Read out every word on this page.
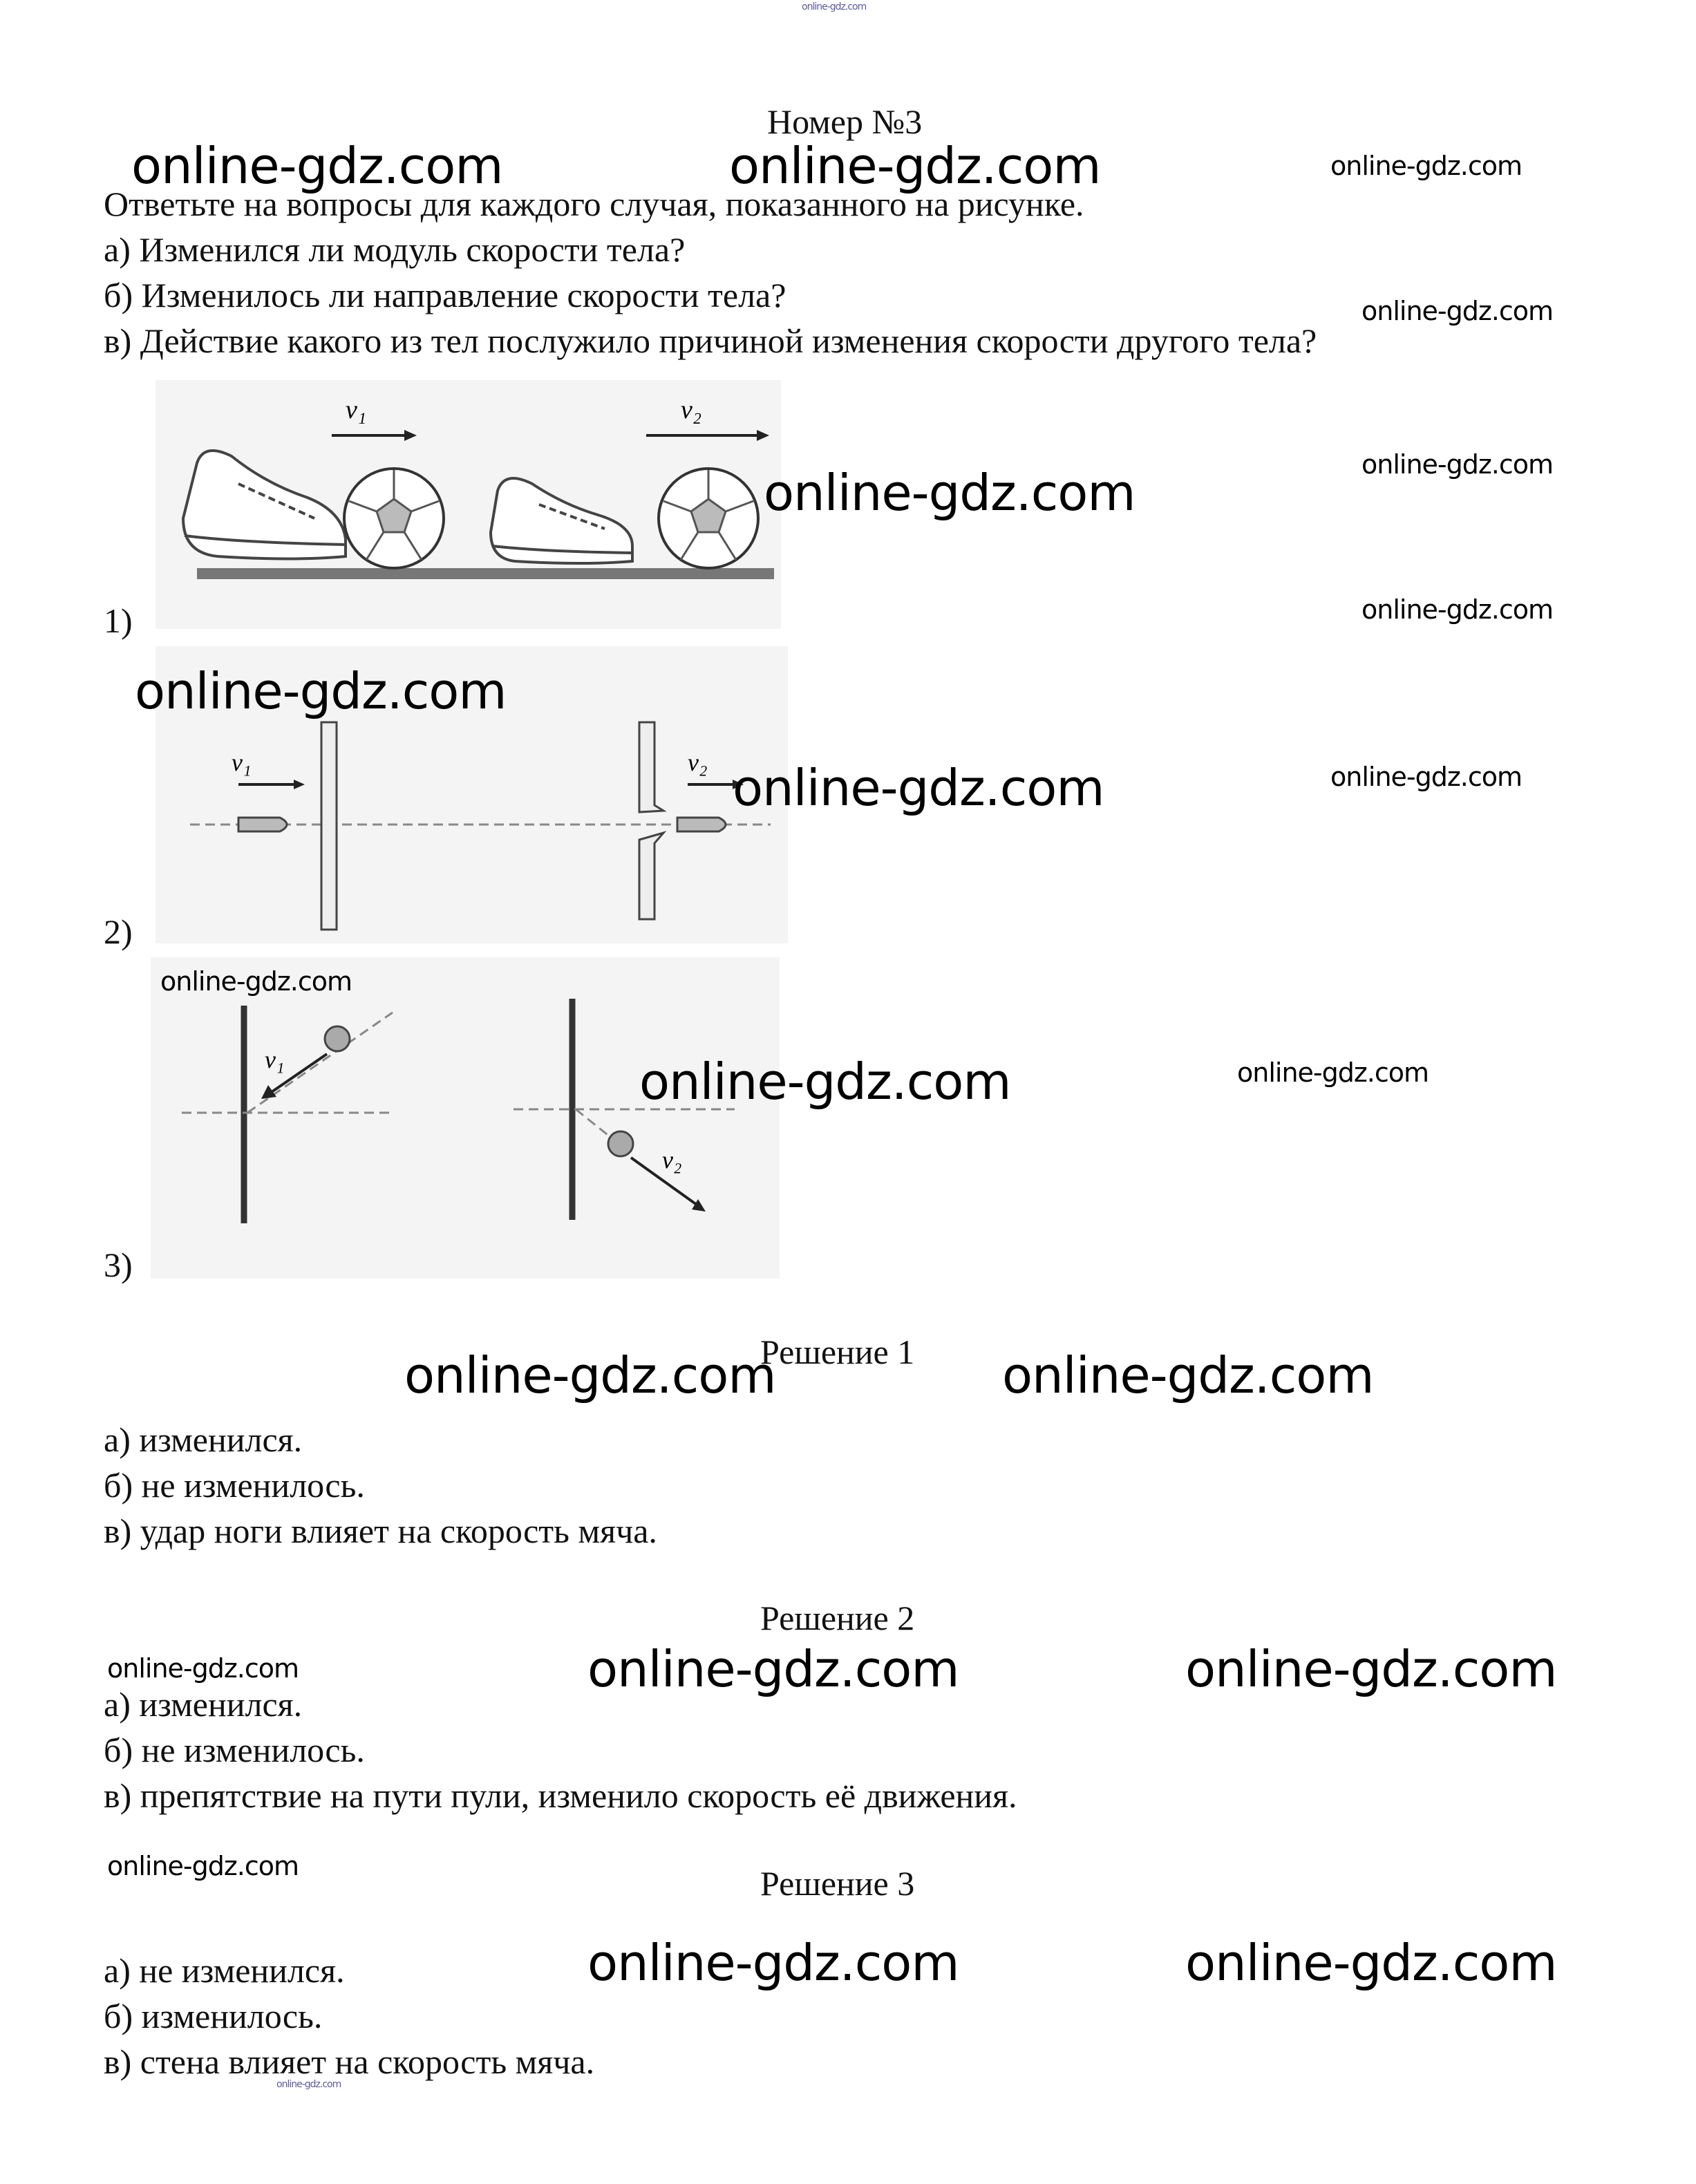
Номер №3
Ответьте на вопросы для каждого случая, показанного на рисунке.
а) Изменился ли модуль скорости тела?
б) Изменилось ли направление скорости тела?
в) Действие какого из тел послужило причиной изменения скорости другого тела?
v₁	v₂
1)
v₁	v₂
2)
v₁
v₂
3)
Решение 1
а) изменился.
б) не изменилось.
в) удар ноги влияет на скорость мяча.
Решение 2
а) изменился.
б) не изменилось.
в) препятствие на пути пули, изменило скорость её движения.
Решение 3
а) не изменился.
б) изменилось.
в) стена влияет на скорость мяча.
online-gdz.com
online-gdz.com	online-gdz.com	online-gdz.com
online-gdz.com
online-gdz.com
online-gdz.com
online-gdz.com
online-gdz.com
online-gdz.com	online-gdz.com
online-gdz.com
online-gdz.com	online-gdz.com
online-gdz.com	online-gdz.com
online-gdz.com	online-gdz.com	online-gdz.com
online-gdz.com
online-gdz.com	online-gdz.com
online-gdz.com
